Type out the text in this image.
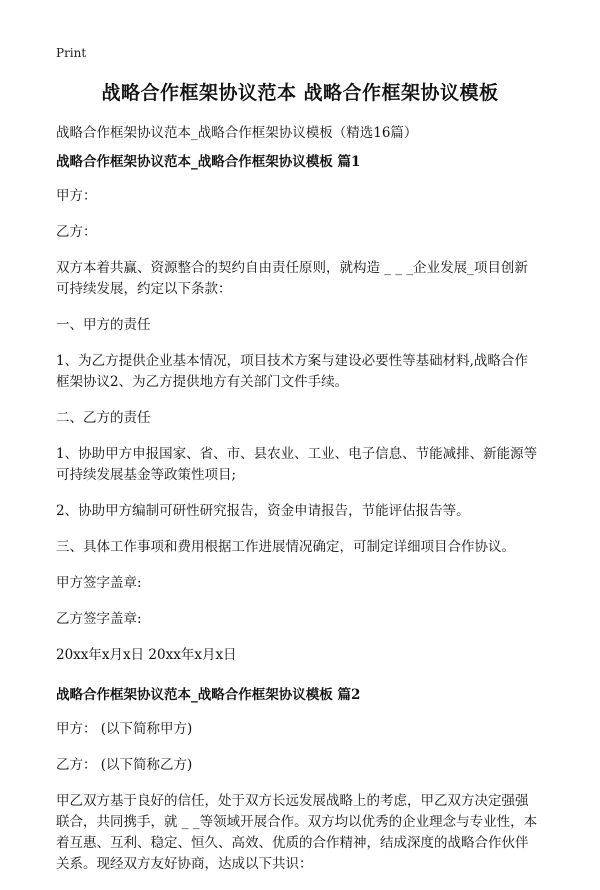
Print
战略合作框架协议范本 战略合作框架协议模板
战略合作框架协议范本_战略合作框架协议模板（精选16篇）
战略合作框架协议范本_战略合作框架协议模板 篇1

甲方：

乙方：

双方本着共赢、资源整合的契约自由责任原则，就构造 _ _ _企业发展_项目创新可持续发展，约定以下条款：

一、甲方的责任

1、为乙方提供企业基本情况，项目技术方案与建设必要性等基础材料,战略合作框架协议2、为乙方提供地方有关部门文件手续。

二、乙方的责任

1、协助甲方申报国家、省、市、县农业、工业、电子信息、节能减排、新能源等可持续发展基金等政策性项目;

2、协助甲方编制可研性研究报告，资金申请报告，节能评估报告等。

三、具体工作事项和费用根据工作进展情况确定，可制定详细项目合作协议。

甲方签字盖章:

乙方签字盖章:

20xx年x月x日 20xx年x月x日

战略合作框架协议范本_战略合作框架协议模板 篇2

甲方： (以下简称甲方)

乙方： (以下简称乙方)

甲乙双方基于良好的信任，处于双方长远发展战略上的考虑，甲乙双方决定强强联合，共同携手，就 _ _等领域开展合作。双方均以优秀的企业理念与专业性，本着互惠、互利、稳定、恒久、高效、优质的合作精神，结成深度的战略合作伙伴关系。现经双方友好协商，达成以下共识：
